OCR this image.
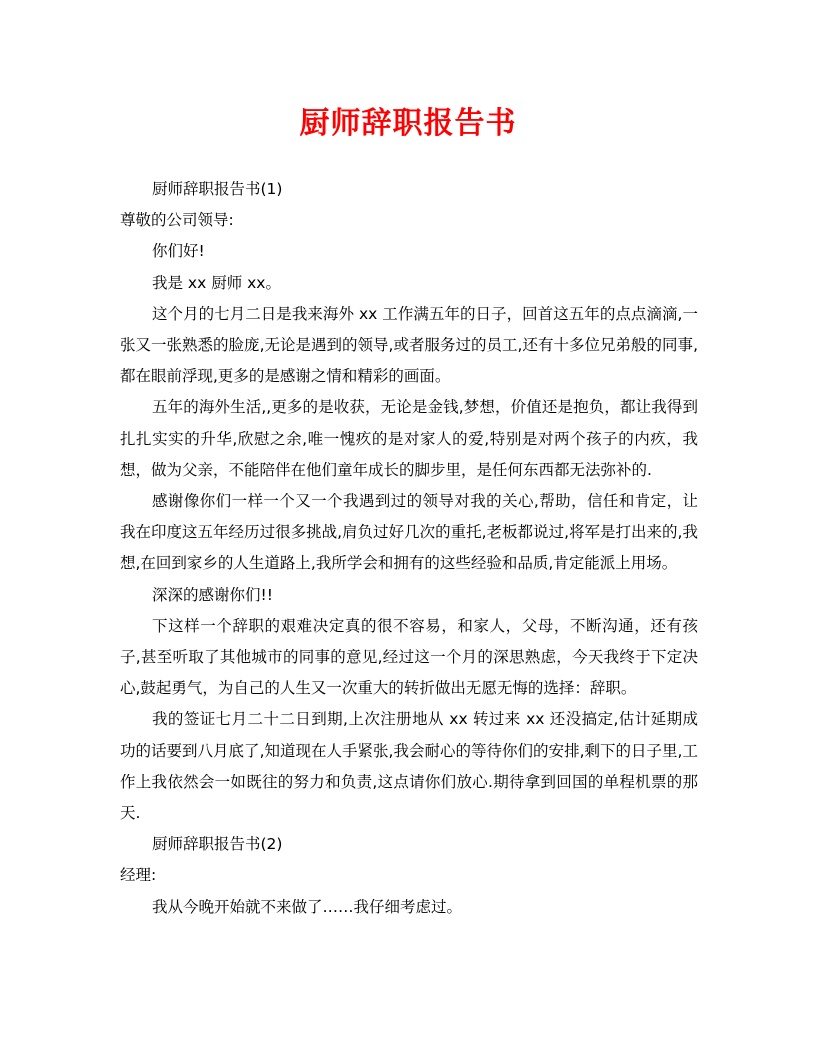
厨师辞职报告书

厨师辞职报告书(1)

尊敬的公司领导:

你们好!

我是 xx 厨师 xx。

这个月的七月二日是我来海外 xx 工作满五年的日子，回首这五年的点点滴滴,一张又一张熟悉的脸庞,无论是遇到的领导,或者服务过的员工,还有十多位兄弟般的同事,都在眼前浮现,更多的是感谢之情和精彩的画面。

五年的海外生活,,更多的是收获，无论是金钱,梦想，价值还是抱负，都让我得到扎扎实实的升华,欣慰之余,唯一愧疚的是对家人的爱,特别是对两个孩子的内疚，我想，做为父亲，不能陪伴在他们童年成长的脚步里，是任何东西都无法弥补的.

感谢像你们一样一个又一个我遇到过的领导对我的关心,帮助，信任和肯定，让我在印度这五年经历过很多挑战,肩负过好几次的重托,老板都说过,将军是打出来的,我想,在回到家乡的人生道路上,我所学会和拥有的这些经验和品质,肯定能派上用场。

深深的感谢你们!!

下这样一个辞职的艰难决定真的很不容易，和家人，父母，不断沟通，还有孩子,甚至听取了其他城市的同事的意见,经过这一个月的深思熟虑，今天我终于下定决心,鼓起勇气，为自己的人生又一次重大的转折做出无愿无悔的选择：辞职。

我的签证七月二十二日到期,上次注册地从 xx 转过来 xx 还没搞定,估计延期成功的话要到八月底了,知道现在人手紧张,我会耐心的等待你们的安排,剩下的日子里,工作上我依然会一如既往的努力和负责,这点请你们放心.期待拿到回国的单程机票的那天.

厨师辞职报告书(2)

经理:

我从今晚开始就不来做了……我仔细考虑过。
